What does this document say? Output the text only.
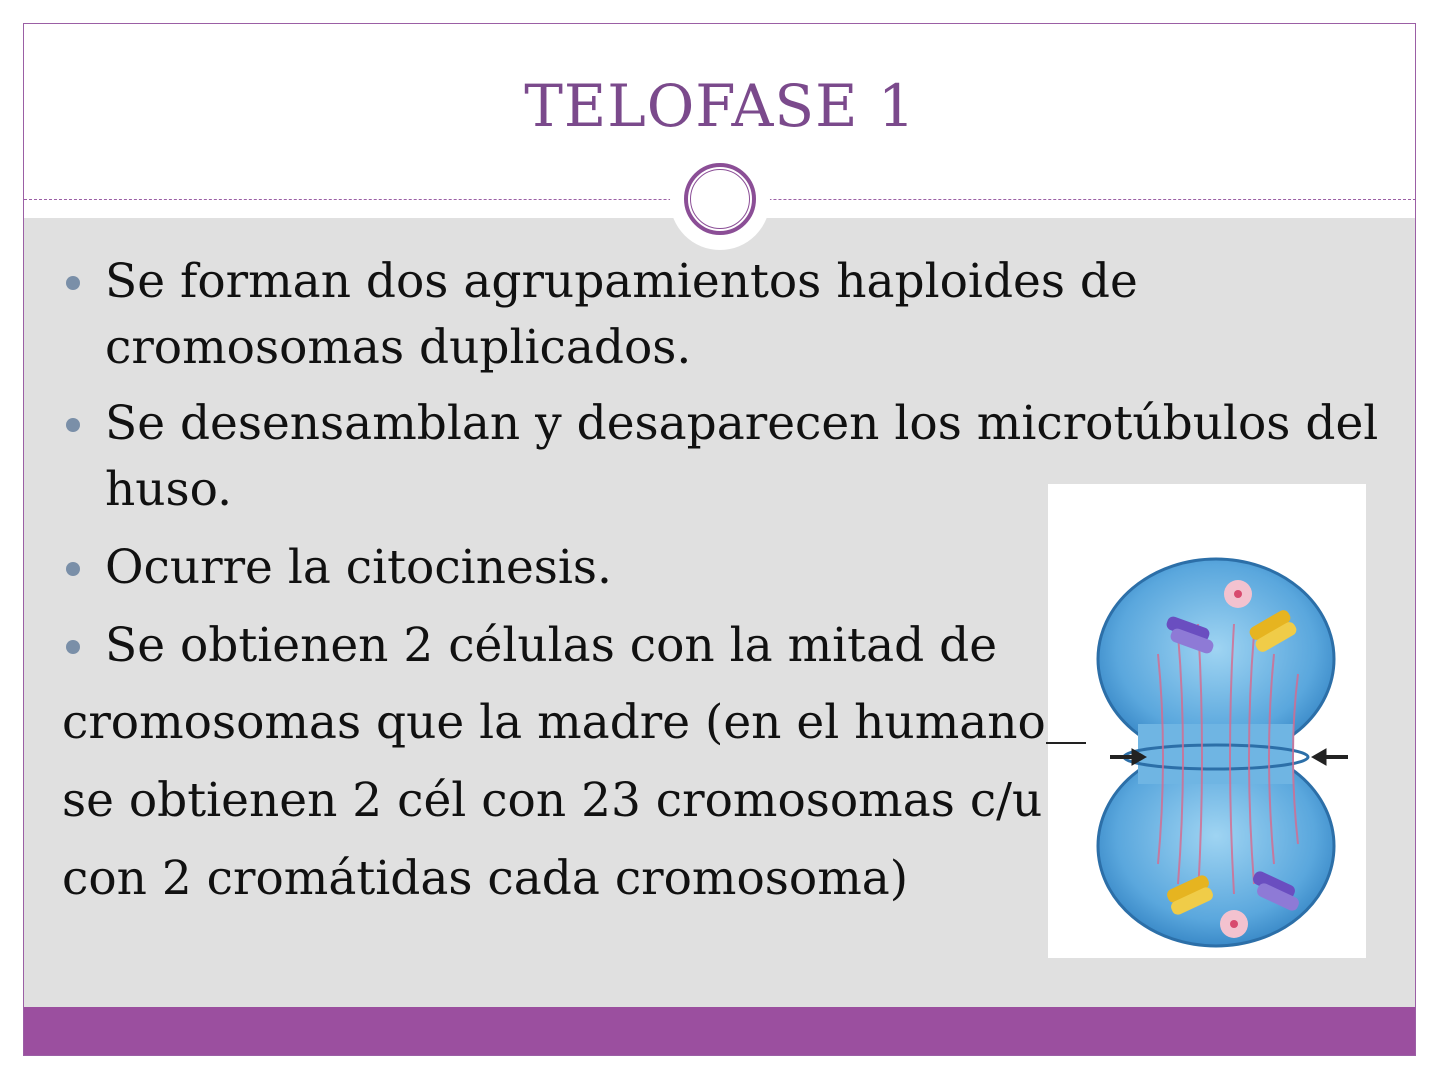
TELOFASE 1
Se forman dos agrupamientos haploides de
cromosomas duplicados.
Se desensamblan y desaparecen los microtúbulos del
huso.
Ocurre la citocinesis.
Se obtienen 2 células con la mitad de
cromosomas que la madre (en el humano
se obtienen 2 cél con 23 cromosomas c/u
con 2 cromátidas cada cromosoma)
